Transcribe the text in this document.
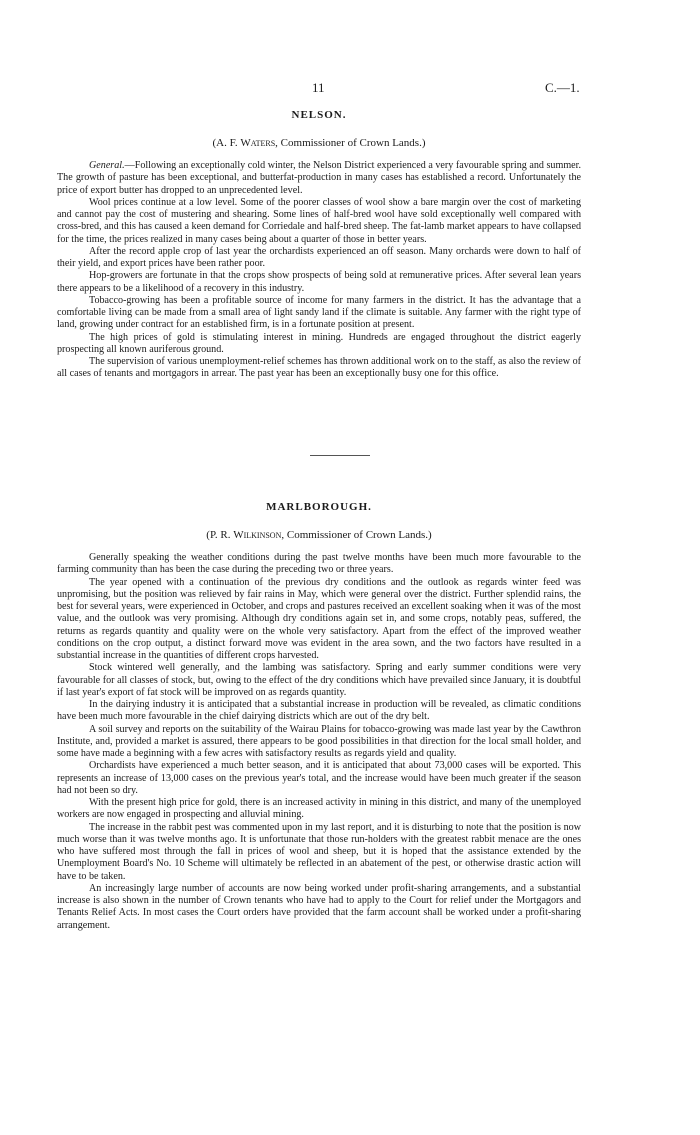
11	C.—1.
NELSON.
(A. F. Waters, Commissioner of Crown Lands.)

General.—Following an exceptionally cold winter, the Nelson District experienced a very favourable spring and summer. The growth of pasture has been exceptional, and butterfat-production in many cases has established a record. Unfortunately the price of export butter has dropped to an unprecedented level.

Wool prices continue at a low level. Some of the poorer classes of wool show a bare margin over the cost of marketing and cannot pay the cost of mustering and shearing. Some lines of half-bred wool have sold exceptionally well compared with cross-bred, and this has caused a keen demand for Corriedale and half-bred sheep. The fat-lamb market appears to have collapsed for the time, the prices realized in many cases being about a quarter of those in better years.

After the record apple crop of last year the orchardists experienced an off season. Many orchards were down to half of their yield, and export prices have been rather poor.

Hop-growers are fortunate in that the crops show prospects of being sold at remunerative prices. After several lean years there appears to be a likelihood of a recovery in this industry.

Tobacco-growing has been a profitable source of income for many farmers in the district. It has the advantage that a comfortable living can be made from a small area of light sandy land if the climate is suitable. Any farmer with the right type of land, growing under contract for an established firm, is in a fortunate position at present.

The high prices of gold is stimulating interest in mining. Hundreds are engaged throughout the district eagerly prospecting all known auriferous ground.

The supervision of various unemployment-relief schemes has thrown additional work on to the staff, as also the review of all cases of tenants and mortgagors in arrear. The past year has been an exceptionally busy one for this office.

MARLBOROUGH.
(P. R. Wilkinson, Commissioner of Crown Lands.)

Generally speaking the weather conditions during the past twelve months have been much more favourable to the farming community than has been the case during the preceding two or three years.

The year opened with a continuation of the previous dry conditions and the outlook as regards winter feed was unpromising, but the position was relieved by fair rains in May, which were general over the district. Further splendid rains, the best for several years, were experienced in October, and crops and pastures received an excellent soaking when it was of the most value, and the outlook was very promising. Although dry conditions again set in, and some crops, notably peas, suffered, the returns as regards quantity and quality were on the whole very satisfactory. Apart from the effect of the improved weather conditions on the crop output, a distinct forward move was evident in the area sown, and the two factors have resulted in a substantial increase in the quantities of different crops harvested.

Stock wintered well generally, and the lambing was satisfactory. Spring and early summer conditions were very favourable for all classes of stock, but, owing to the effect of the dry conditions which have prevailed since January, it is doubtful if last year's export of fat stock will be improved on as regards quantity.

In the dairying industry it is anticipated that a substantial increase in production will be revealed, as climatic conditions have been much more favourable in the chief dairying districts which are out of the dry belt.

A soil survey and reports on the suitability of the Wairau Plains for tobacco-growing was made last year by the Cawthron Institute, and, provided a market is assured, there appears to be good possibilities in that direction for the local small holder, and some have made a beginning with a few acres with satisfactory results as regards yield and quality.

Orchardists have experienced a much better season, and it is anticipated that about 73,000 cases will be exported. This represents an increase of 13,000 cases on the previous year's total, and the increase would have been much greater if the season had not been so dry.

With the present high price for gold, there is an increased activity in mining in this district, and many of the unemployed workers are now engaged in prospecting and alluvial mining.

The increase in the rabbit pest was commented upon in my last report, and it is disturbing to note that the position is now much worse than it was twelve months ago. It is unfortunate that those run-holders with the greatest rabbit menace are the ones who have suffered most through the fall in prices of wool and sheep, but it is hoped that the assistance extended by the Unemployment Board's No. 10 Scheme will ultimately be reflected in an abatement of the pest, or otherwise drastic action will have to be taken.

An increasingly large number of accounts are now being worked under profit-sharing arrangements, and a substantial increase is also shown in the number of Crown tenants who have had to apply to the Court for relief under the Mortgagors and Tenants Relief Acts. In most cases the Court orders have provided that the farm account shall be worked under a profit-sharing arrangement.
